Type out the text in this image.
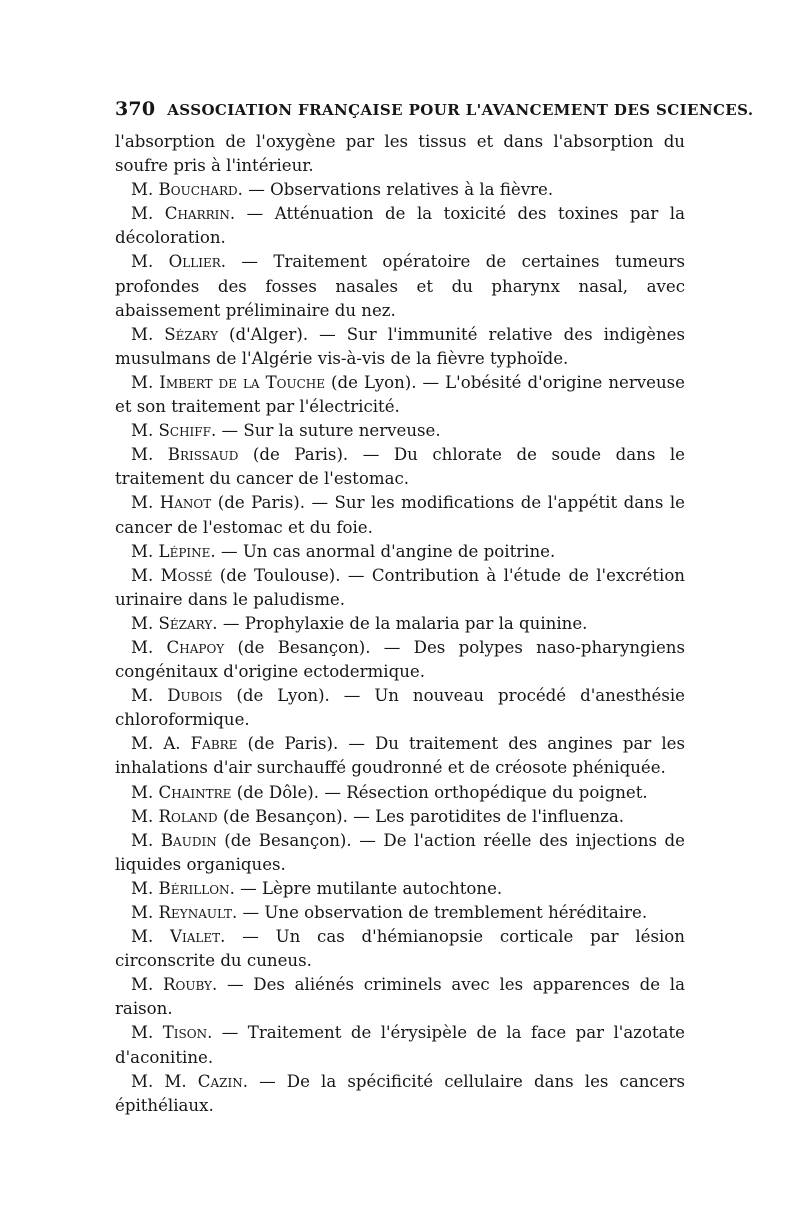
370 ASSOCIATION FRANÇAISE POUR L'AVANCEMENT DES SCIENCES.

l'absorption de l'oxygène par les tissus et dans l'absorption du soufre pris à l'intérieur.

M. Bouchard. — Observations relatives à la fièvre.

M. Charrin. — Atténuation de la toxicité des toxines par la décoloration.

M. Ollier. — Traitement opératoire de certaines tumeurs profondes des fosses nasales et du pharynx nasal, avec abaissement préliminaire du nez.

M. Sézary (d'Alger). — Sur l'immunité relative des indigènes musulmans de l'Algérie vis-à-vis de la fièvre typhoïde.

M. Imbert de la Touche (de Lyon). — L'obésité d'origine nerveuse et son traitement par l'électricité.

M. Schiff. — Sur la suture nerveuse.

M. Brissaud (de Paris). — Du chlorate de soude dans le traitement du cancer de l'estomac.

M. Hanot (de Paris). — Sur les modifications de l'appétit dans le cancer de l'estomac et du foie.

M. Lépine. — Un cas anormal d'angine de poitrine.

M. Mossé (de Toulouse). — Contribution à l'étude de l'excrétion urinaire dans le paludisme.

M. Sézary. — Prophylaxie de la malaria par la quinine.

M. Chapoy (de Besançon). — Des polypes naso-pharyngiens congénitaux d'origine ectodermique.

M. Dubois (de Lyon). — Un nouveau procédé d'anesthésie chloroformique.

M. A. Fabre (de Paris). — Du traitement des angines par les inhalations d'air surchauffé goudronné et de créosote phéniquée.

M. Chaintre (de Dôle). — Résection orthopédique du poignet.

M. Roland (de Besançon). — Les parotidites de l'influenza.

M. Baudin (de Besançon). — De l'action réelle des injections de liquides organiques.

M. Bérillon. — Lèpre mutilante autochtone.

M. Reynault. — Une observation de tremblement héréditaire.

M. Vialet. — Un cas d'hémianopsie corticale par lésion circonscrite du cuneus.

M. Rouby. — Des aliénés criminels avec les apparences de la raison.

M. Tison. — Traitement de l'érysipèle de la face par l'azotate d'aconitine.

M. M. Cazin. — De la spécificité cellulaire dans les cancers épithéliaux.
